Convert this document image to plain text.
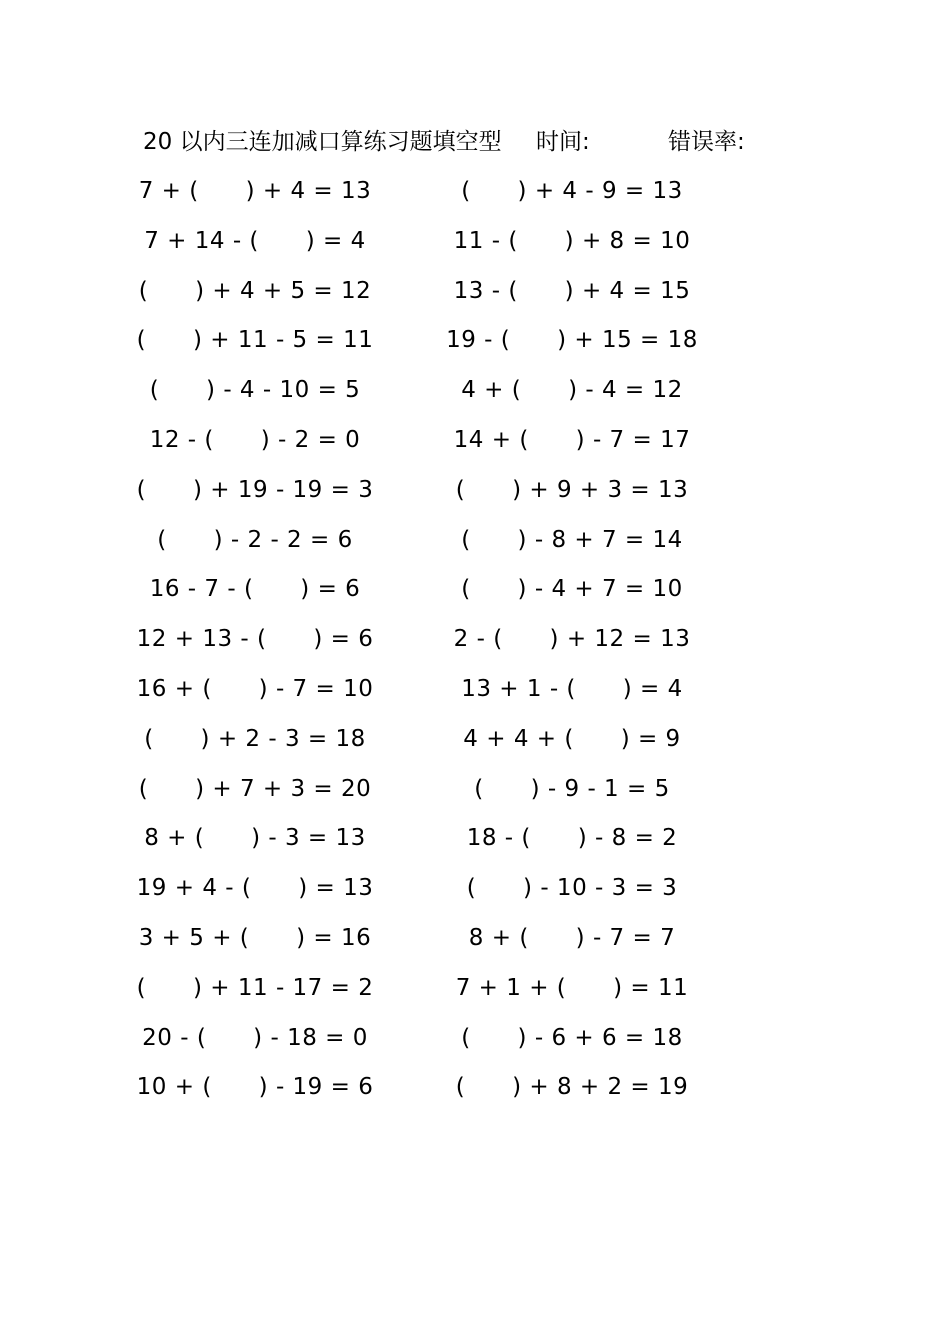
20 以内三连加减口算练习题填空型 时间:	错误率:
7 + (      ) + 4 = 13	(      ) + 4 - 9 = 13
7 + 14 - (      ) = 4	11 - (      ) + 8 = 10
(      ) + 4 + 5 = 12	13 - (      ) + 4 = 15
(      ) + 11 - 5 = 11	19 - (      ) + 15 = 18
(      ) - 4 - 10 = 5	4 + (      ) - 4 = 12
12 - (      ) - 2 = 0	14 + (      ) - 7 = 17
(      ) + 19 - 19 = 3	(      ) + 9 + 3 = 13
(      ) - 2 - 2 = 6	(      ) - 8 + 7 = 14
16 - 7 - (      ) = 6	(      ) - 4 + 7 = 10
12 + 13 - (      ) = 6	2 - (      ) + 12 = 13
16 + (      ) - 7 = 10	13 + 1 - (      ) = 4
(      ) + 2 - 3 = 18	4 + 4 + (      ) = 9
(      ) + 7 + 3 = 20	(      ) - 9 - 1 = 5
8 + (      ) - 3 = 13	18 - (      ) - 8 = 2
19 + 4 - (      ) = 13	(      ) - 10 - 3 = 3
3 + 5 + (      ) = 16	8 + (      ) - 7 = 7
(      ) + 11 - 17 = 2	7 + 1 + (      ) = 11
20 - (      ) - 18 = 0	(      ) - 6 + 6 = 18
10 + (      ) - 19 = 6	(      ) + 8 + 2 = 19
